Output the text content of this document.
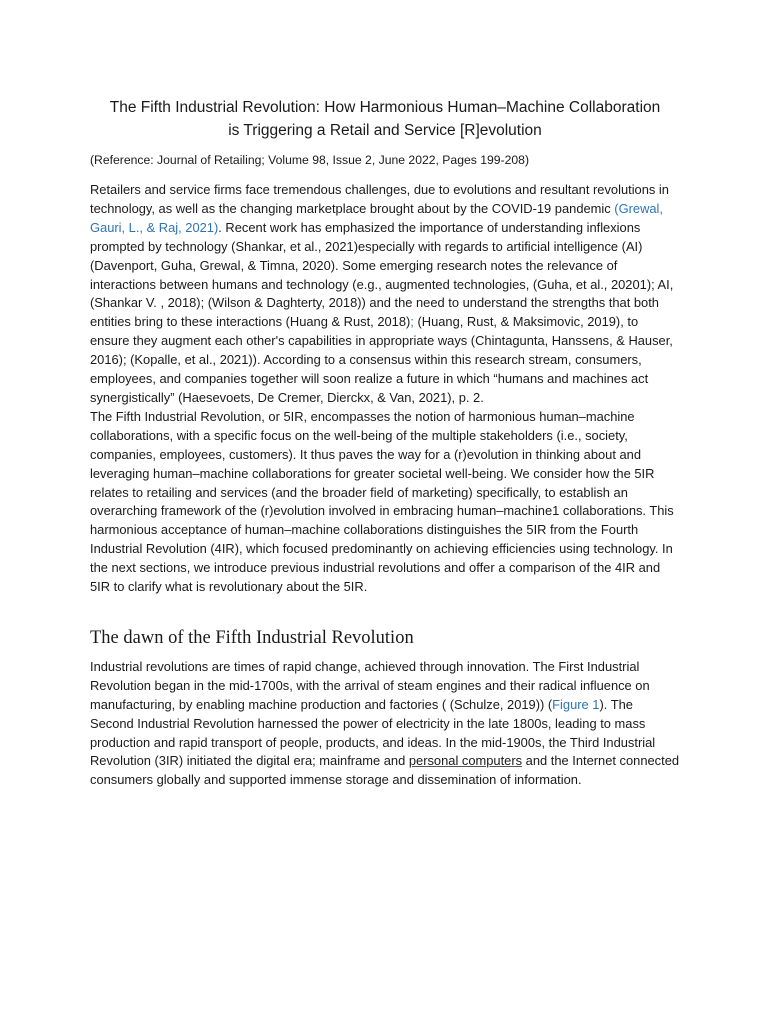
The Fifth Industrial Revolution: How Harmonious Human–Machine Collaboration
is Triggering a Retail and Service [R]evolution
(Reference: Journal of Retailing; Volume 98, Issue 2, June 2022, Pages 199-208)

Retailers and service firms face tremendous challenges, due to evolutions and resultant revolutions in technology, as well as the changing marketplace brought about by the COVID-19 pandemic (Grewal, Gauri, L., & Raj, 2021). Recent work has emphasized the importance of understanding inflexions prompted by technology (Shankar, et al., 2021)especially with regards to artificial intelligence (AI) (Davenport, Guha, Grewal, & Timna, 2020). Some emerging research notes the relevance of interactions between humans and technology (e.g., augmented technologies, (Guha, et al., 20201); AI, (Shankar V. , 2018); (Wilson & Daghterty, 2018)) and the need to understand the strengths that both entities bring to these interactions (Huang & Rust, 2018); (Huang, Rust, & Maksimovic, 2019), to ensure they augment each other's capabilities in appropriate ways (Chintagunta, Hanssens, & Hauser, 2016); (Kopalle, et al., 2021)). According to a consensus within this research stream, consumers, employees, and companies together will soon realize a future in which “humans and machines act synergistically” (Haesevoets, De Cremer, Dierckx, & Van, 2021), p. 2.

The Fifth Industrial Revolution, or 5IR, encompasses the notion of harmonious human–machine collaborations, with a specific focus on the well-being of the multiple stakeholders (i.e., society, companies, employees, customers). It thus paves the way for a (r)evolution in thinking about and leveraging human–machine collaborations for greater societal well-being. We consider how the 5IR relates to retailing and services (and the broader field of marketing) specifically, to establish an overarching framework of the (r)evolution involved in embracing human–machine1 collaborations. This harmonious acceptance of human–machine collaborations distinguishes the 5IR from the Fourth Industrial Revolution (4IR), which focused predominantly on achieving efficiencies using technology. In the next sections, we introduce previous industrial revolutions and offer a comparison of the 4IR and 5IR to clarify what is revolutionary about the 5IR.

The dawn of the Fifth Industrial Revolution

Industrial revolutions are times of rapid change, achieved through innovation. The First Industrial Revolution began in the mid-1700s, with the arrival of steam engines and their radical influence on manufacturing, by enabling machine production and factories ( (Schulze, 2019)) (Figure 1). The Second Industrial Revolution harnessed the power of electricity in the late 1800s, leading to mass production and rapid transport of people, products, and ideas. In the mid-1900s, the Third Industrial Revolution (3IR) initiated the digital era; mainframe and personal computers and the Internet connected consumers globally and supported immense storage and dissemination of information.
